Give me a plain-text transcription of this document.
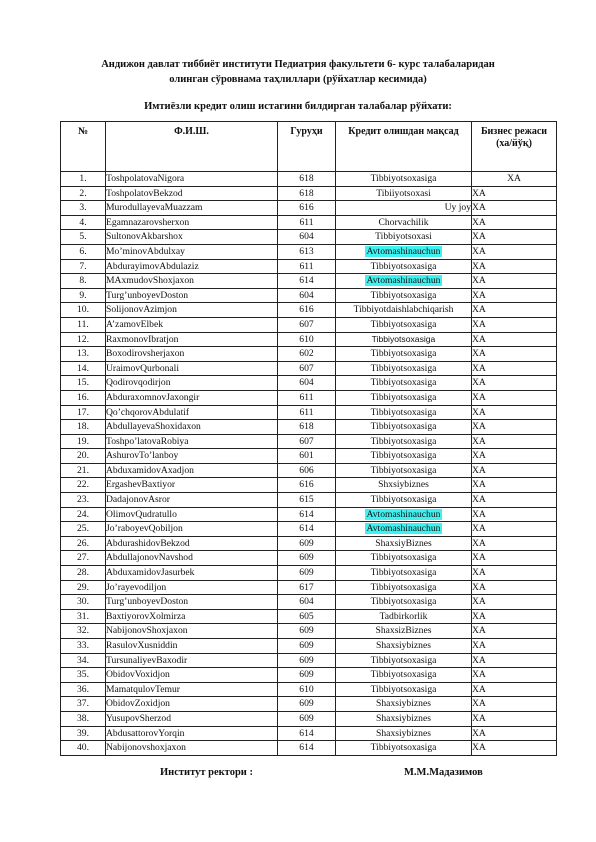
Андижон давлат тиббиёт институти Педиатрия факультети 6- курс талабаларидан
олинган сўровнама таҳлиллари (рўйхатлар кесимида)
Имтиёзли кредит олиш истагини билдирган талабалар рўйхати:
№	Ф.И.Ш.	Гуруҳи	Кредит олишдан мақсад	Бизнес режаси (ха/йўқ)
1.	ToshpolatovaNigora	618	Tibbiyotsoxasiga	XA
2.	ToshpolatovBekzod	618	Tibiiyotsoxasi	XA
3.	MurodullayevaMuazzam	616	Uy joy	XA
4.	Egamnazarovsherxon	611	Chorvachilik	XA
5.	SultonovAkbarshox	604	Tibbiyotsoxasi	XA
6.	Mo’minovAbdulxay	613	Avtomashinauchun	XA
7.	AbdurayimovAbdulaziz	611	Tibbiyotsoxasiga	XA
8.	MAxmudovShoxjaxon	614	Avtomashinauchun	XA
9.	Turg’unboyevDoston	604	Tibbiyotsoxasiga	XA
10.	SolijonovAzimjon	616	Tibbiyotdaishlabchiqarish	XA
11.	A’zamovElbek	607	Tibbiyotsoxasiga	XA
12.	RaxmonovIbratjon	610	Tibbiyotsoxasiga	XA
13.	Boxodirovsherjaxon	602	Tibbiyotsoxasiga	XA
14.	UraimovQurbonali	607	Tibbiyotsoxasiga	XA
15.	Qodirovqodirjon	604	Tibbiyotsoxasiga	XA
16.	AbduraxomnovJaxongir	611	Tibbiyotsoxasiga	XA
17.	Qo’chqorovAbdulatif	611	Tibbiyotsoxasiga	XA
18.	AbdullayevaShoxidaxon	618	Tibbiyotsoxasiga	XA
19.	Toshpo’latovaRobiya	607	Tibbiyotsoxasiga	XA
20.	AshurovTo’lanboy	601	Tibbiyotsoxasiga	XA
21.	AbduxamidovAxadjon	606	Tibbiyotsoxasiga	XA
22.	ErgashevBaxtiyor	616	Shxsiybiznes	XA
23.	DadajonovAsror	615	Tibbiyotsoxasiga	XA
24.	OlimovQudratullo	614	Avtomashinauchun	XA
25.	Jo’raboyevQobiljon	614	Avtomashinauchun	XA
26.	AbdurashidovBekzod	609	ShaxsiyBiznes	XA
27.	AbdullajonovNavshod	609	Tibbiyotsoxasiga	XA
28.	AbduxamidovJasurbek	609	Tibbiyotsoxasiga	XA
29.	Jo’rayevodiljon	617	Tibbiyotsoxasiga	XA
30.	Turg’unboyevDoston	604	Tibbiyotsoxasiga	XA
31.	BaxtiyorovXolmirza	605	Tadbirkorlik	XA
32.	NabijonovShoxjaxon	609	ShaxsizBiznes	XA
33.	RasulovXusniddin	609	Shaxsiybiznes	XA
34.	TursunaliyevBaxodir	609	Tibbiyotsoxasiga	XA
35.	ObidovVoxidjon	609	Tibbiyotsoxasiga	XA
36.	MamatqulovTemur	610	Tibbiyotsoxasiga	XA
37.	ObidovZoxidjon	609	Shaxsiybiznes	XA
38.	YusupovSherzod	609	Shaxsiybiznes	XA
39.	AbdusattorovYorqin	614	Shaxsiybiznes	XA
40.	Nabijonovshoxjaxon	614	Tibbiyotsoxasiga	XA
Институт ректори :	М.М.Мадазимов
